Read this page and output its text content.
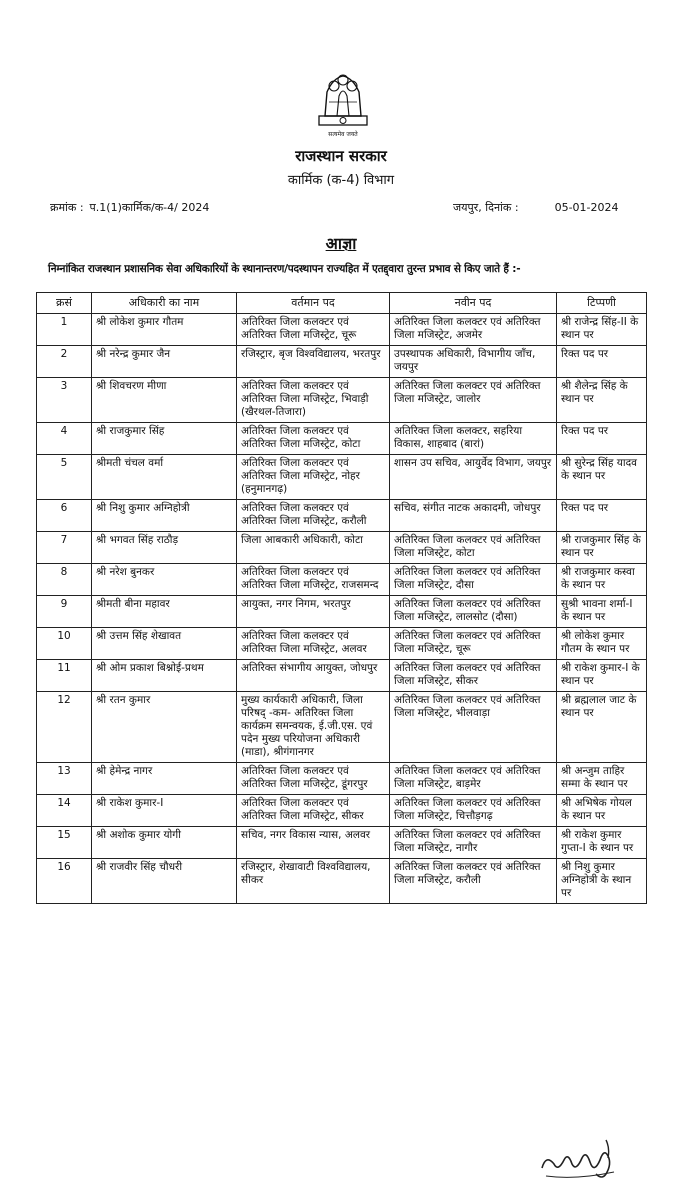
सत्यमेव जयते
राजस्थान सरकार
कार्मिक (क-4) विभाग
क्रमांक : प.1(1)कार्मिक/क-4/ 2024	जयपुर, दिनांक :	05-01-2024
आज्ञा
निम्नांकित राजस्थान प्रशासनिक सेवा अधिकारियों के स्थानान्तरण/पदस्थापन राज्यहित में एतद्द्वारा तुरन्त प्रभाव से किए जाते हैं :-
क्रसं	अधिकारी का नाम	वर्तमान पद	नवीन पद	टिप्पणी
1	श्री लोकेश कुमार गौतम	अतिरिक्त जिला कलक्टर एवं अतिरिक्त जिला मजिस्ट्रेट, चूरू	अतिरिक्त जिला कलक्टर एवं अतिरिक्त जिला मजिस्ट्रेट, अजमेर	श्री राजेन्द्र सिंह-II के स्थान पर
2	श्री नरेन्द्र कुमार जैन	रजिस्ट्रार, बृज विश्वविद्यालय, भरतपुर	उपस्थापक अधिकारी, विभागीय जाँच, जयपुर	रिक्त पद पर
3	श्री शिवचरण मीणा	अतिरिक्त जिला कलक्टर एवं अतिरिक्त जिला मजिस्ट्रेट, भिवाड़ी (खैरथल-तिजारा)	अतिरिक्त जिला कलक्टर एवं अतिरिक्त जिला मजिस्ट्रेट, जालोर	श्री शैलेन्द्र सिंह के स्थान पर
4	श्री राजकुमार सिंह	अतिरिक्त जिला कलक्टर एवं अतिरिक्त जिला मजिस्ट्रेट, कोटा	अतिरिक्त जिला कलक्टर, सहरिया विकास, शाहबाद (बारां)	रिक्त पद पर
5	श्रीमती चंचल वर्मा	अतिरिक्त जिला कलक्टर एवं अतिरिक्त जिला मजिस्ट्रेट, नोहर (हनुमानगढ़)	शासन उप सचिव, आयुर्वेद विभाग, जयपुर	श्री सुरेन्द्र सिंह यादव के स्थान पर
6	श्री निशु कुमार अग्निहोत्री	अतिरिक्त जिला कलक्टर एवं अतिरिक्त जिला मजिस्ट्रेट, करौली	सचिव, संगीत नाटक अकादमी, जोधपुर	रिक्त पद पर
7	श्री भगवत सिंह राठौड़	जिला आबकारी अधिकारी, कोटा	अतिरिक्त जिला कलक्टर एवं अतिरिक्त जिला मजिस्ट्रेट, कोटा	श्री राजकुमार सिंह के स्थान पर
8	श्री नरेश बुनकर	अतिरिक्त जिला कलक्टर एवं अतिरिक्त जिला मजिस्ट्रेट, राजसमन्द	अतिरिक्त जिला कलक्टर एवं अतिरिक्त जिला मजिस्ट्रेट, दौसा	श्री राजकुमार कस्वा के स्थान पर
9	श्रीमती बीना महावर	आयुक्त, नगर निगम, भरतपुर	अतिरिक्त जिला कलक्टर एवं अतिरिक्त जिला मजिस्ट्रेट, लालसोट (दौसा)	सुश्री भावना शर्मा-I के स्थान पर
10	श्री उत्तम सिंह शेखावत	अतिरिक्त जिला कलक्टर एवं अतिरिक्त जिला मजिस्ट्रेट, अलवर	अतिरिक्त जिला कलक्टर एवं अतिरिक्त जिला मजिस्ट्रेट, चूरू	श्री लोकेश कुमार गौतम के स्थान पर
11	श्री ओम प्रकाश बिश्नोई-प्रथम	अतिरिक्त संभागीय आयुक्त, जोधपुर	अतिरिक्त जिला कलक्टर एवं अतिरिक्त जिला मजिस्ट्रेट, सीकर	श्री राकेश कुमार-I के स्थान पर
12	श्री रतन कुमार	मुख्य कार्यकारी अधिकारी, जिला परिषद् -कम- अतिरिक्त जिला कार्यक्रम समन्वयक, ई.जी.एस. एवं पदेन मुख्य परियोजना अधिकारी (माडा), श्रीगंगानगर	अतिरिक्त जिला कलक्टर एवं अतिरिक्त जिला मजिस्ट्रेट, भीलवाड़ा	श्री ब्रह्मलाल जाट के स्थान पर
13	श्री हेमेन्द्र नागर	अतिरिक्त जिला कलक्टर एवं अतिरिक्त जिला मजिस्ट्रेट, डूंगरपुर	अतिरिक्त जिला कलक्टर एवं अतिरिक्त जिला मजिस्ट्रेट, बाड़मेर	श्री अन्जुम ताहिर सम्मा के स्थान पर
14	श्री राकेश कुमार-I	अतिरिक्त जिला कलक्टर एवं अतिरिक्त जिला मजिस्ट्रेट, सीकर	अतिरिक्त जिला कलक्टर एवं अतिरिक्त जिला मजिस्ट्रेट, चित्तौड़गढ़	श्री अभिषेक गोयल के स्थान पर
15	श्री अशोक कुमार योगी	सचिव, नगर विकास न्यास, अलवर	अतिरिक्त जिला कलक्टर एवं अतिरिक्त जिला मजिस्ट्रेट, नागौर	श्री राकेश कुमार गुप्ता-I के स्थान पर
16	श्री राजवीर सिंह चौधरी	रजिस्ट्रार, शेखावाटी विश्वविद्यालय, सीकर	अतिरिक्त जिला कलक्टर एवं अतिरिक्त जिला मजिस्ट्रेट, करौली	श्री निशु कुमार अग्निहोत्री के स्थान पर
